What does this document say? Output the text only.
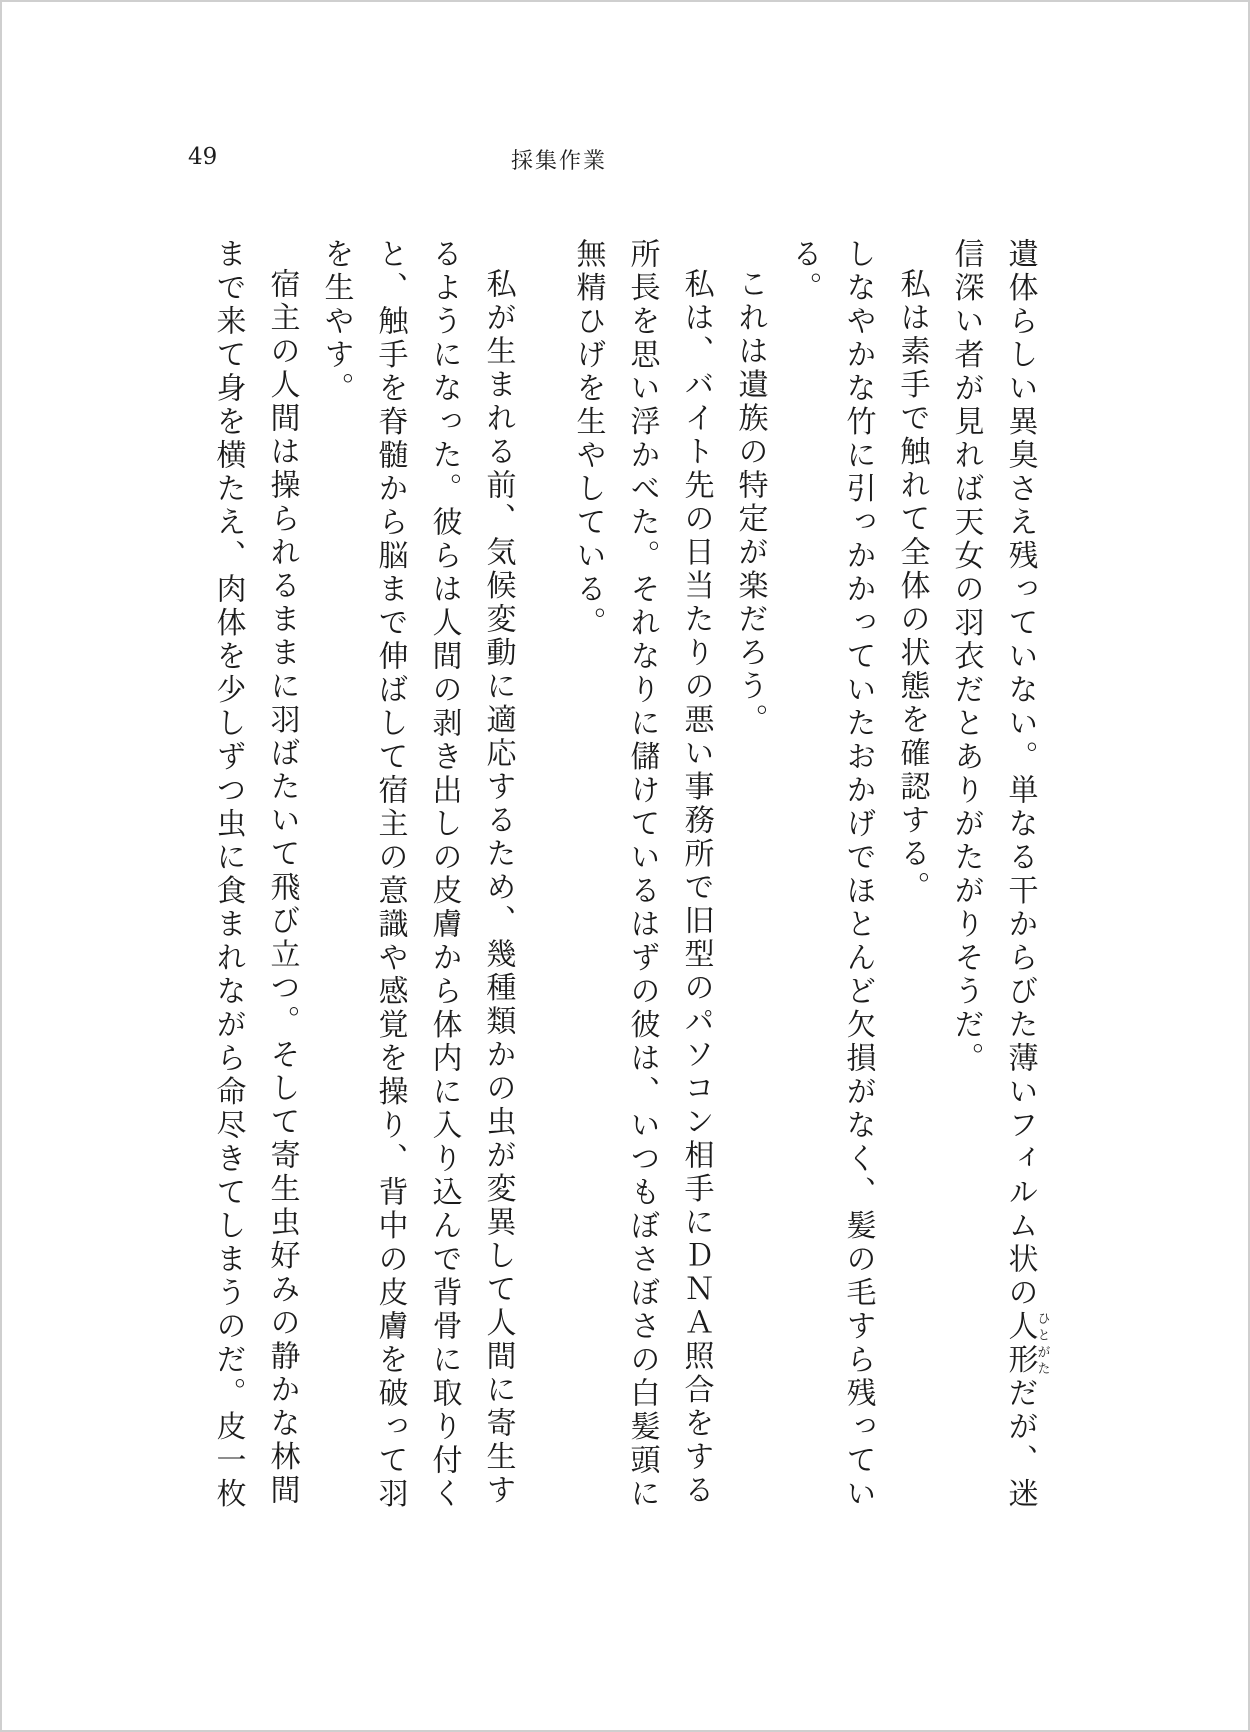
49	採集作業

遺体らしい異臭さえ残っていない。単なる干からびた薄いフィルム状の人形ひとがただが、迷信深い者が見れば天女の羽衣だとありがたがりそうだ。

私は素手で触れて全体の状態を確認する。

しなやかな竹に引っかかっていたおかげでほとんど欠損がなく、髪の毛すら残っている。

これは遺族の特定が楽だろう。

私は、バイト先の日当たりの悪い事務所で旧型のパソコン相手にＤＮＡ照合をする所長を思い浮かべた。それなりに儲けているはずの彼は、いつもぼさぼさの白髪頭に無精ひげを生やしている。

私が生まれる前、気候変動に適応するため、幾種類かの虫が変異して人間に寄生するようになった。彼らは人間の剥き出しの皮膚から体内に入り込んで背骨に取り付くと、触手を脊髄から脳まで伸ばして宿主の意識や感覚を操り、背中の皮膚を破って羽を生やす。

宿主の人間は操られるままに羽ばたいて飛び立つ。そして寄生虫好みの静かな林間まで来て身を横たえ、肉体を少しずつ虫に食まれながら命尽きてしまうのだ。皮一枚
